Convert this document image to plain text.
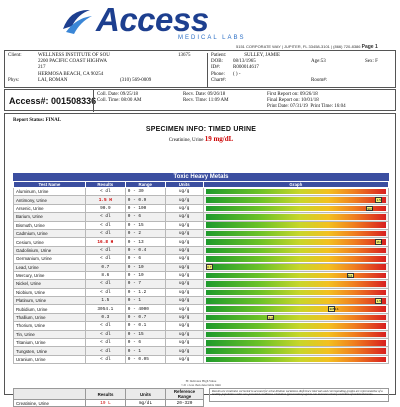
Access
MEDICAL LABS
5151 CORPORATE WAY | JUPITER, FL 33458-3101 | (866) 720-8386 Page 1
Client:	WELLNESS INSTITUTE OF SOU	13675
2200 PACIFIC COAST HIGHWA
217
HERMOSA BEACH, CA 90254
Phys:	LAI, ROMAN	(310) 569-0009
Patient:	SULLEY, JAMIE
DOB: 08/13/1965	Age:53	Sex: F
ID#:	R000014617
Phone: ( ) -
Chart#:	Room#:
Access#: 001508336
Coll. Date: 09/25/18
Coll. Time: 08:00 AM
Recv. Date: 09/26/18
Recv. Time: 11:09 AM
First Report on: 09/26/18
Final Report on: 10/01/18
Print Date: 07/31/19 Print Time: 16:04
Report Status: FINAL
SPECIMEN INFO: TIMED URINE
Creatinine, Urine 19 mg/dL
Toxic Heavy Metals
Test Name	Results	Range	Units	Graph
Aluminum, Urine	< dl	0 - 30	ug/g	

Antimony, Urine	1.5 H	0 - 0.9	ug/g	1.5

Arsenic, Urine	90.9	0 - 100	ug/g	90.9

Barium, Urine	< dl	0 - 6	ug/g	

Bismuth, Urine	< dl	0 - 15	ug/g	

Cadmium, Urine	< dl	0 - 2	ug/g	

Cesium, Urine	16.8 H	0 - 13	ug/g	16.8

Gadolinium, Urine	< dl	0 - 0.4	ug/g	

Germanium, Urine	< dl	0 - 6	ug/g	

Lead, Urine	0.7	0 - 10	ug/g	0.7

Mercury, Urine	8.6	0 - 10	ug/g	8.6

Nickel, Urine	< dl	0 - 7	ug/g	

Niobium, Urine	< dl	0 - 1.2	ug/g	

Platinum, Urine	1.5	0 - 1	ug/g	1.5

Rubidium, Urine	3054.1	0 - 4000	ug/g	3054.1

Thallium, Urine	0.3	0 - 0.7	ug/g	0.3

Thorium, Urine	< dl	0 - 0.1	ug/g	

Tin, Urine	< dl	0 - 15	ug/g	

Titanium, Urine	< dl	0 - 6	ug/g	

Tungsten, Urine	< dl	0 - 1	ug/g	

Uranium, Urine	< dl	0 - 0.05	ug/g	
H: Indicates High Value
< dl = less than detectable limit
	Results	Units	Reference Range
Creatinine, Urine	19 L	mg/dL	20-320
Results are creatinine corrected to account for urine dilution variations. Reference intervals and corresponding graphs are representative of a healthy population under non-provoked conditions. Chelation (provocation) agents can increase urinary excretion of metals/elements.
